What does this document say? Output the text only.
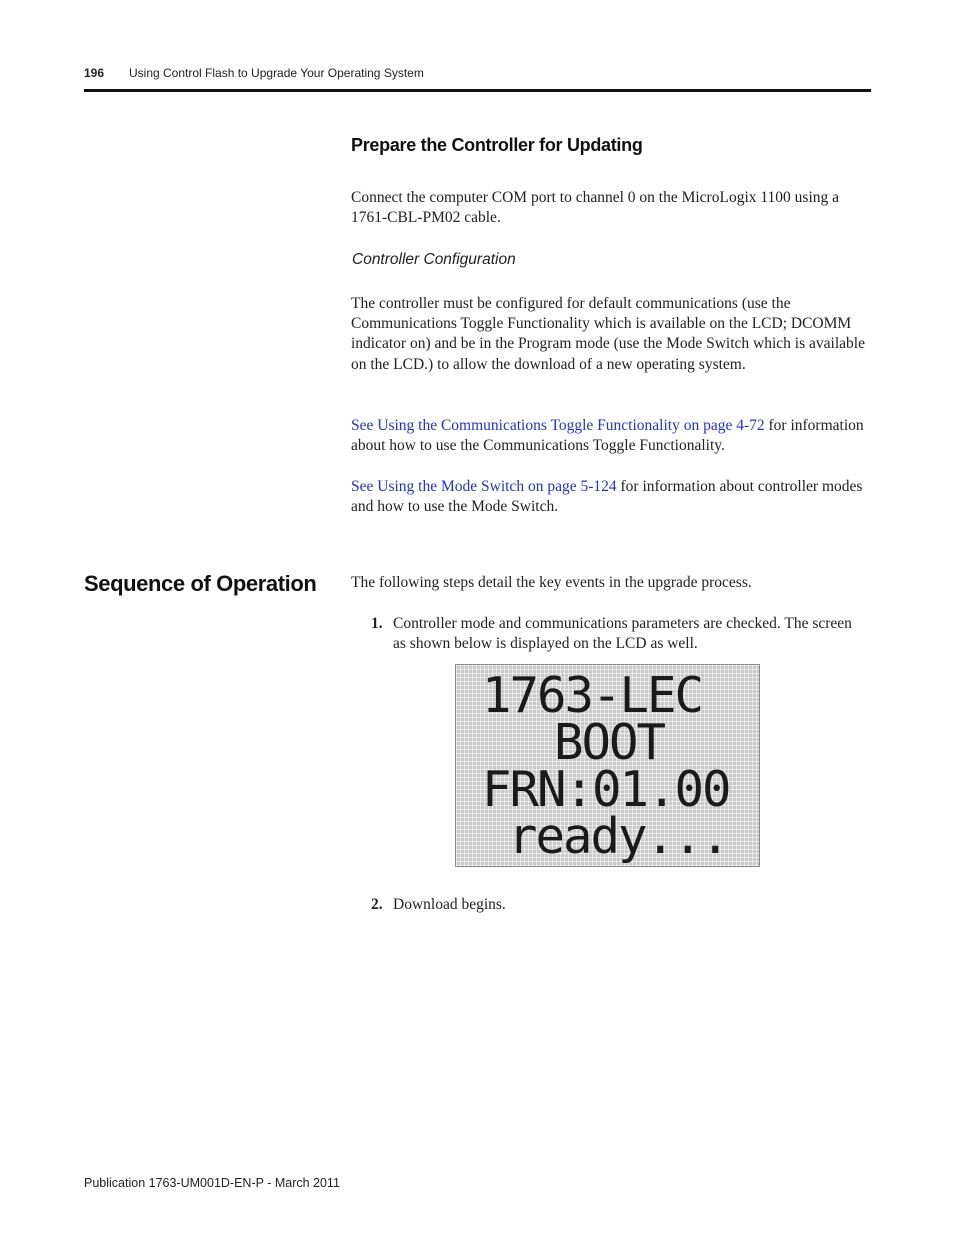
196 Using Control Flash to Upgrade Your Operating System
Prepare the Controller for Updating

Connect the computer COM port to channel 0 on the MicroLogix 1100 using a 1761-CBL-PM02 cable.

Controller Configuration

The controller must be configured for default communications (use the Communications Toggle Functionality which is available on the LCD; DCOMM indicator on) and be in the Program mode (use the Mode Switch which is available on the LCD.) to allow the download of a new operating system.

See Using the Communications Toggle Functionality on page 4-72 for information about how to use the Communications Toggle Functionality.

See Using the Mode Switch on page 5-124 for information about controller modes and how to use the Mode Switch.

Sequence of Operation The following steps detail the key events in the upgrade process.

1. Controller mode and communications parameters are checked. The screen as shown below is displayed on the LCD as well.
1763-LEC
BOOT
FRN:01.00
ready...
2. Download begins.
Publication 1763-UM001D-EN-P - March 2011
